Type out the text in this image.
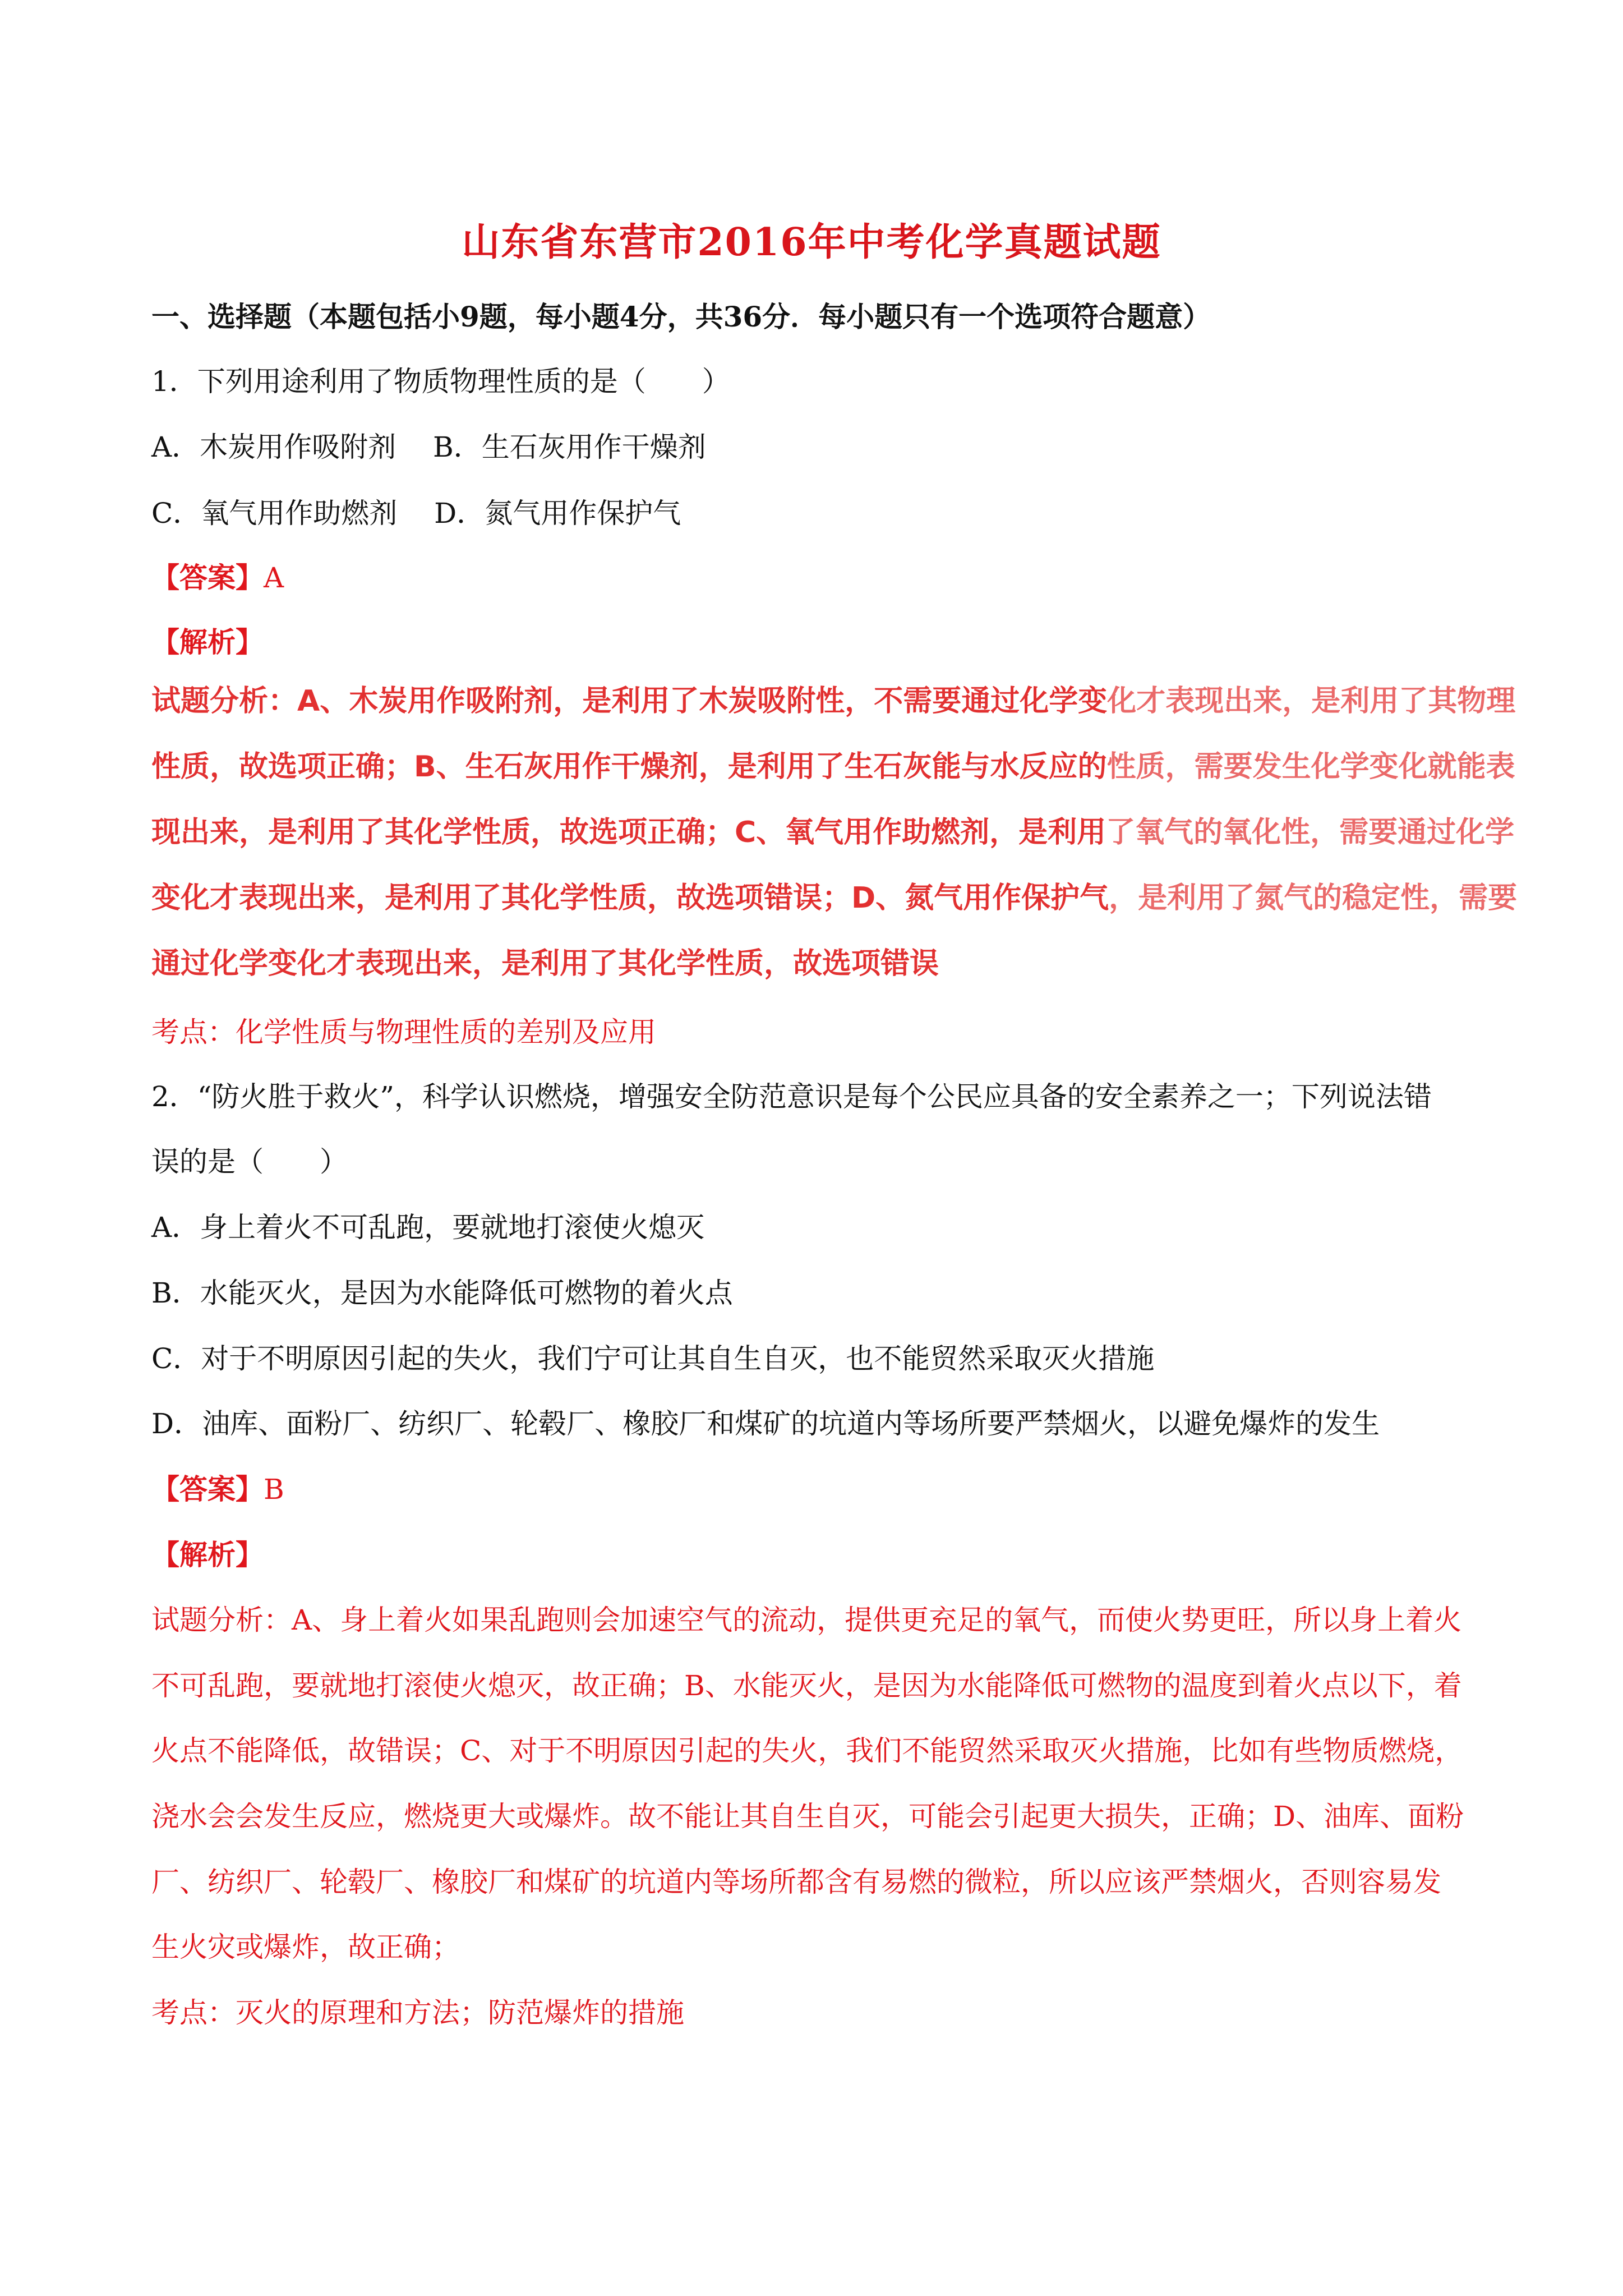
山东省东营市2016年中考化学真题试题
一、选择题（本题包括小9题，每小题4分，共36分．每小题只有一个选项符合题意）
1．下列用途利用了物质物理性质的是（　　）
A．木炭用作吸附剂　 B．生石灰用作干燥剂
C．氧气用作助燃剂　 D．氮气用作保护气
【答案】A
【解析】
试题分析：A、木炭用作吸附剂，是利用了木炭吸附性，不需要通过化学变化才表现出来，是利用了其物理
性质，故选项正确；B、生石灰用作干燥剂，是利用了生石灰能与水反应的性质，需要发生化学变化就能表
现出来，是利用了其化学性质，故选项正确；C、氧气用作助燃剂，是利用了氧气的氧化性，需要通过化学
变化才表现出来，是利用了其化学性质，故选项错误；D、氮气用作保护气，是利用了氮气的稳定性，需要
通过化学变化才表现出来，是利用了其化学性质，故选项错误
考点：化学性质与物理性质的差别及应用
2．“防火胜于救火”，科学认识燃烧，增强安全防范意识是每个公民应具备的安全素养之一；下列说法错
误的是（　　）
A．身上着火不可乱跑，要就地打滚使火熄灭
B．水能灭火，是因为水能降低可燃物的着火点
C．对于不明原因引起的失火，我们宁可让其自生自灭，也不能贸然采取灭火措施
D．油库、面粉厂、纺织厂、轮毂厂、橡胶厂和煤矿的坑道内等场所要严禁烟火，以避免爆炸的发生
【答案】B
【解析】
试题分析：A、身上着火如果乱跑则会加速空气的流动，提供更充足的氧气，而使火势更旺，所以身上着火
不可乱跑，要就地打滚使火熄灭，故正确；B、水能灭火，是因为水能降低可燃物的温度到着火点以下，着
火点不能降低，故错误；C、对于不明原因引起的失火，我们不能贸然采取灭火措施，比如有些物质燃烧，
浇水会会发生反应，燃烧更大或爆炸。故不能让其自生自灭，可能会引起更大损失，正确；D、油库、面粉
厂、纺织厂、轮毂厂、橡胶厂和煤矿的坑道内等场所都含有易燃的微粒，所以应该严禁烟火，否则容易发
生火灾或爆炸，故正确；
考点：灭火的原理和方法；防范爆炸的措施
